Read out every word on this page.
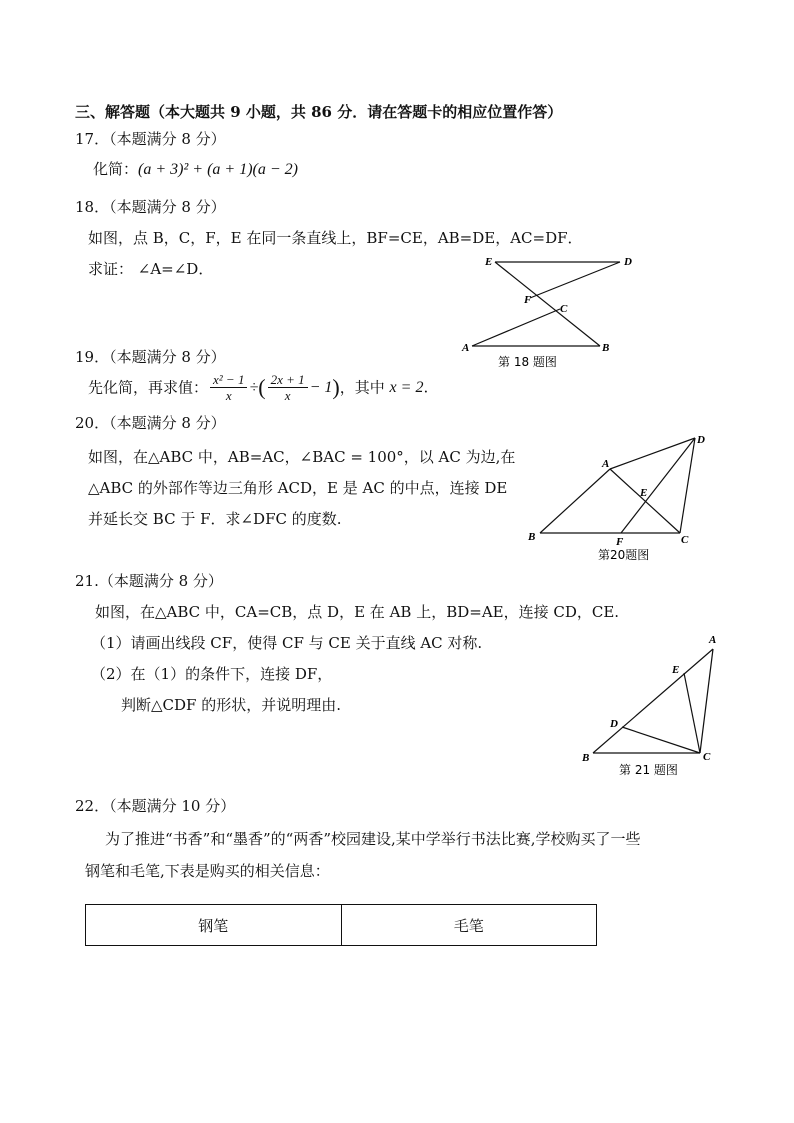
三、解答题（本大题共 9 小题，共 86 分．请在答题卡的相应位置作答）
17．（本题满分 8 分）
化简：(a + 3)² + (a + 1)(a − 2)
18．（本题满分 8 分）
如图，点 B，C，F，E 在同一条直线上，BF=CE，AB=DE，AC=DF．
求证： ∠A=∠D．	E	D
F
C
A	B
第 18 题图
19．（本题满分 8 分）
先化简，再求值： $\frac{\text{x² − 1}}{x}$ ÷( $\frac{2x + 1}{x} - 1$)，其中 x = 2.
20．（本题满分 8 分）
如图，在△ABC 中，AB=AC，∠BAC = 100°，以 AC 为边,在
△ABC 的外部作等边三角形 ACD，E 是 AC 的中点，连接 DE
并延长交 BC 于 F．求∠DFC 的度数.
D
A
E
B	F	C
第20题图
21.（本题满分 8 分）
如图，在△ABC 中，CA=CB，点 D，E 在 AB 上，BD=AE，连接 CD，CE.
（1）请画出线段 CF，使得 CF 与 CE 关于直线 AC 对称.
（2）在（1）的条件下，连接 DF，
判断△CDF 的形状，并说明理由.
A
E
D
B	C
第 21 题图
22．（本题满分 10 分）
为了推进“书香”和“墨香”的“两香”校园建设,某中学举行书法比赛,学校购买了一些
钢笔和毛笔,下表是购买的相关信息：
钢笔	毛笔
